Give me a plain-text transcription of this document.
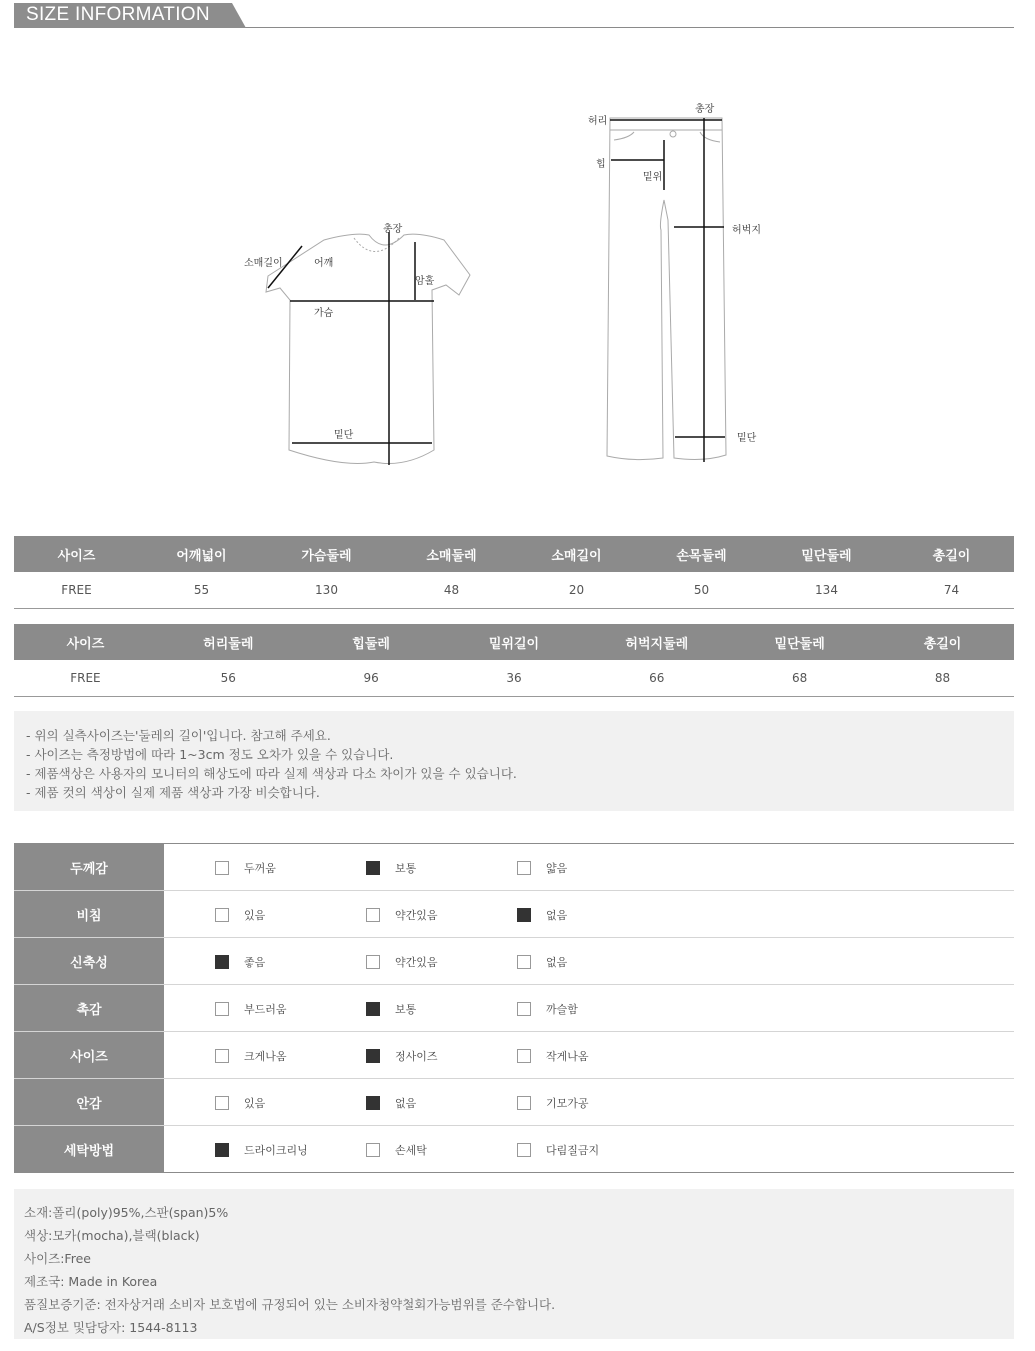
SIZE INFORMATION
총장
소매길이	어깨
암홀
가슴
밑단
총장
허리
힙
밑위
허벅지
밑단
사이즈	어깨넓이	가슴둘레	소매둘레	소매길이	손목둘레	밑단둘레	총길이
FREE	55	130	48	20	50	134	74
사이즈	허리둘레	힙둘레	밑위길이	허벅지둘레	밑단둘레	총길이
FREE	56	96	36	66	68	88

- 위의 실측사이즈는'둘레의 길이'입니다. 참고해 주세요.

- 사이즈는 측정방법에 따라 1~3cm 정도 오차가 있을 수 있습니다.

- 제품색상은 사용자의 모니터의 해상도에 따라 실제 색상과 다소 차이가 있을 수 있습니다.

- 제품 컷의 색상이 실제 제품 색상과 가장 비슷합니다.

두께감	두꺼움	보통	얇음
비침	있음	약간있음	없음
신축성	좋음	약간있음	없음
촉감	부드러움	보통	까슬함
사이즈	크게나옴	정사이즈	작게나옴
안감	있음	없음	기모가공
세탁방법	드라이크리닝	손세탁	다림질금지

소재:폴리(poly)95%,스판(span)5%

색상:모카(mocha),블랙(black)

사이즈:Free

제조국: Made in Korea

품질보증기준: 전자상거래 소비자 보호법에 규정되어 있는 소비자청약철회가능범위를 준수합니다.

A/S정보 및담당자: 1544-8113
